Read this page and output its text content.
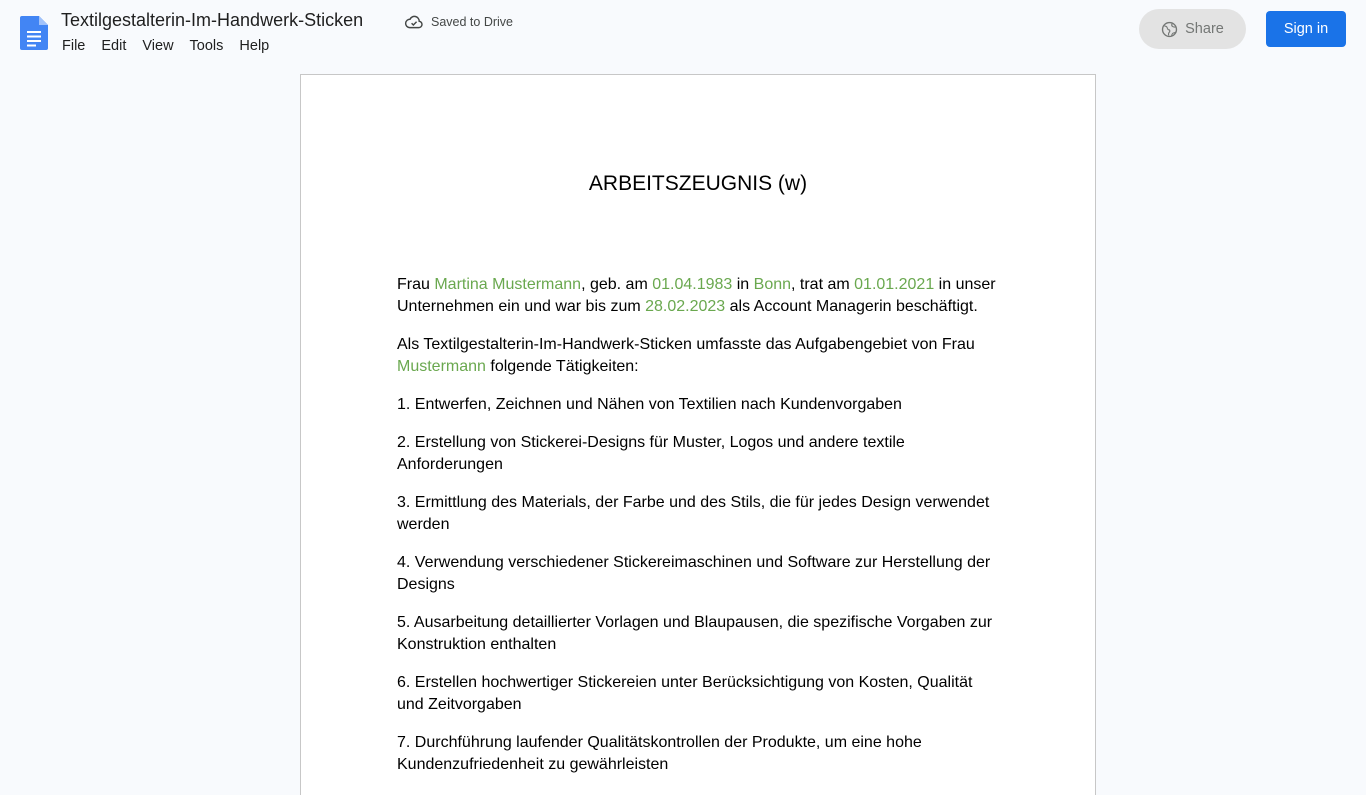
Textilgestalterin-Im-Handwerk-Sticken	Saved to Drive
File	Edit	View	Tools	Help
Share	Sign in
ARBEITSZEUGNIS (w)

Frau Martina Mustermann, geb. am 01.04.1983 in Bonn, trat am 01.01.2021 in unser Unternehmen ein und war bis zum 28.02.2023 als Account Managerin beschäftigt.

Als Textilgestalterin-Im-Handwerk-Sticken umfasste das Aufgabengebiet von Frau Mustermann folgende Tätigkeiten:

1. Entwerfen, Zeichnen und Nähen von Textilien nach Kundenvorgaben

2. Erstellung von Stickerei-Designs für Muster, Logos und andere textile Anforderungen

3. Ermittlung des Materials, der Farbe und des Stils, die für jedes Design verwendet werden

4. Verwendung verschiedener Stickereimaschinen und Software zur Herstellung der Designs

5. Ausarbeitung detaillierter Vorlagen und Blaupausen, die spezifische Vorgaben zur Konstruktion enthalten

6. Erstellen hochwertiger Stickereien unter Berücksichtigung von Kosten, Qualität und Zeitvorgaben

7. Durchführung laufender Qualitätskontrollen der Produkte, um eine hohe Kundenzufriedenheit zu gewährleisten
